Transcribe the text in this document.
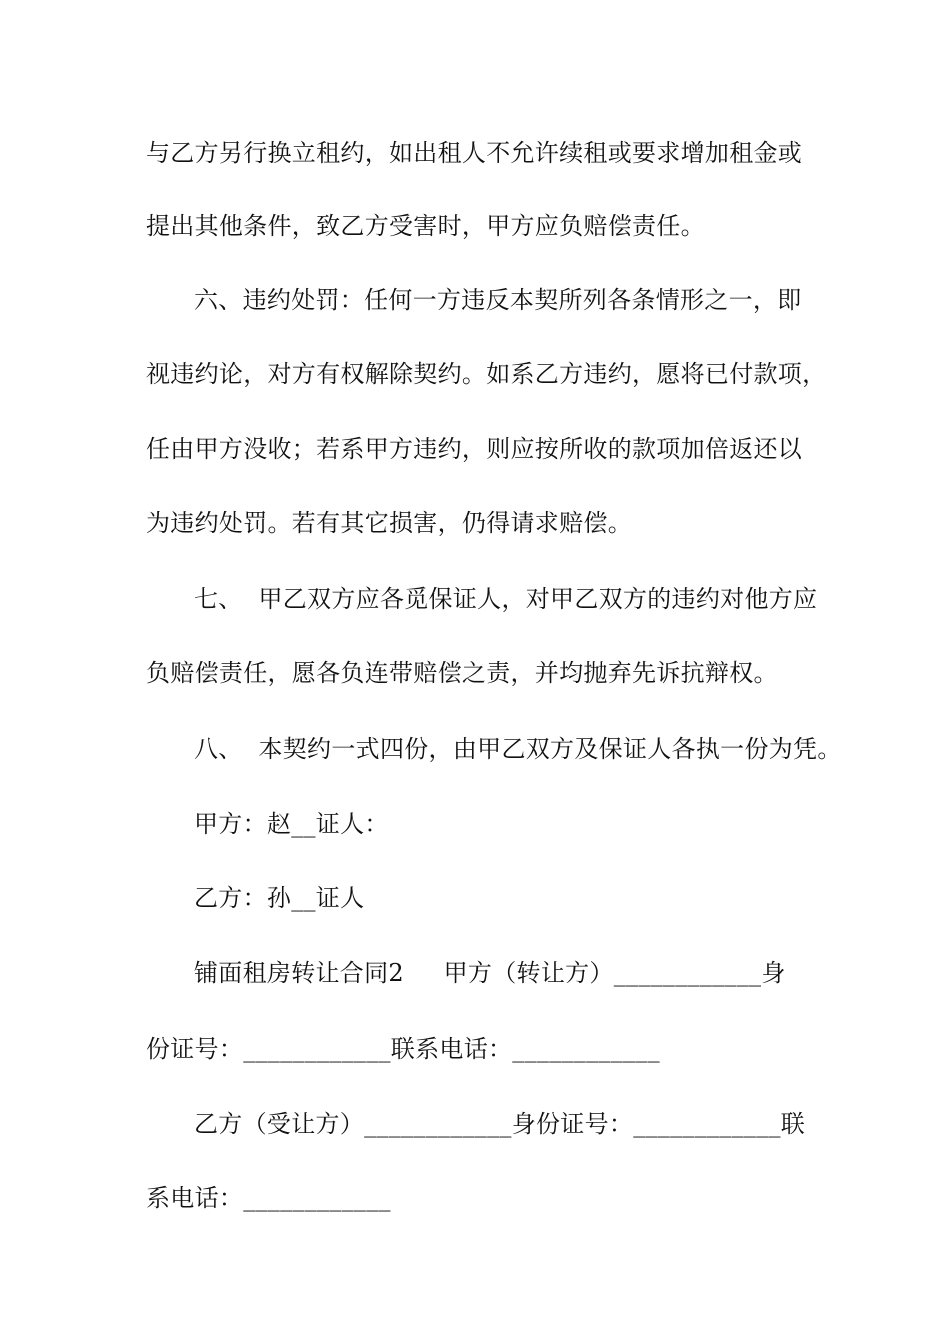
与乙方另行换立租约，如出租人不允许续租或要求增加租金或
提出其他条件，致乙方受害时，甲方应负赔偿责任。
六、违约处罚：任何一方违反本契所列各条情形之一，即
视违约论，对方有权解除契约。如系乙方违约，愿将已付款项，
任由甲方没收；若系甲方违约，则应按所收的款项加倍返还以
为违约处罚。若有其它损害，仍得请求赔偿。
七、  甲乙双方应各觅保证人，对甲乙双方的违约对他方应
负赔偿责任，愿各负连带赔偿之责，并均抛弃先诉抗辩权。
八、  本契约一式四份，由甲乙双方及保证人各执一份为凭。
甲方：赵__证人：
乙方：孙__证人
铺面租房转让合同2     甲方（转让方）____________身
份证号：____________联系电话：____________
乙方（受让方）____________身份证号：____________联
系电话：____________
